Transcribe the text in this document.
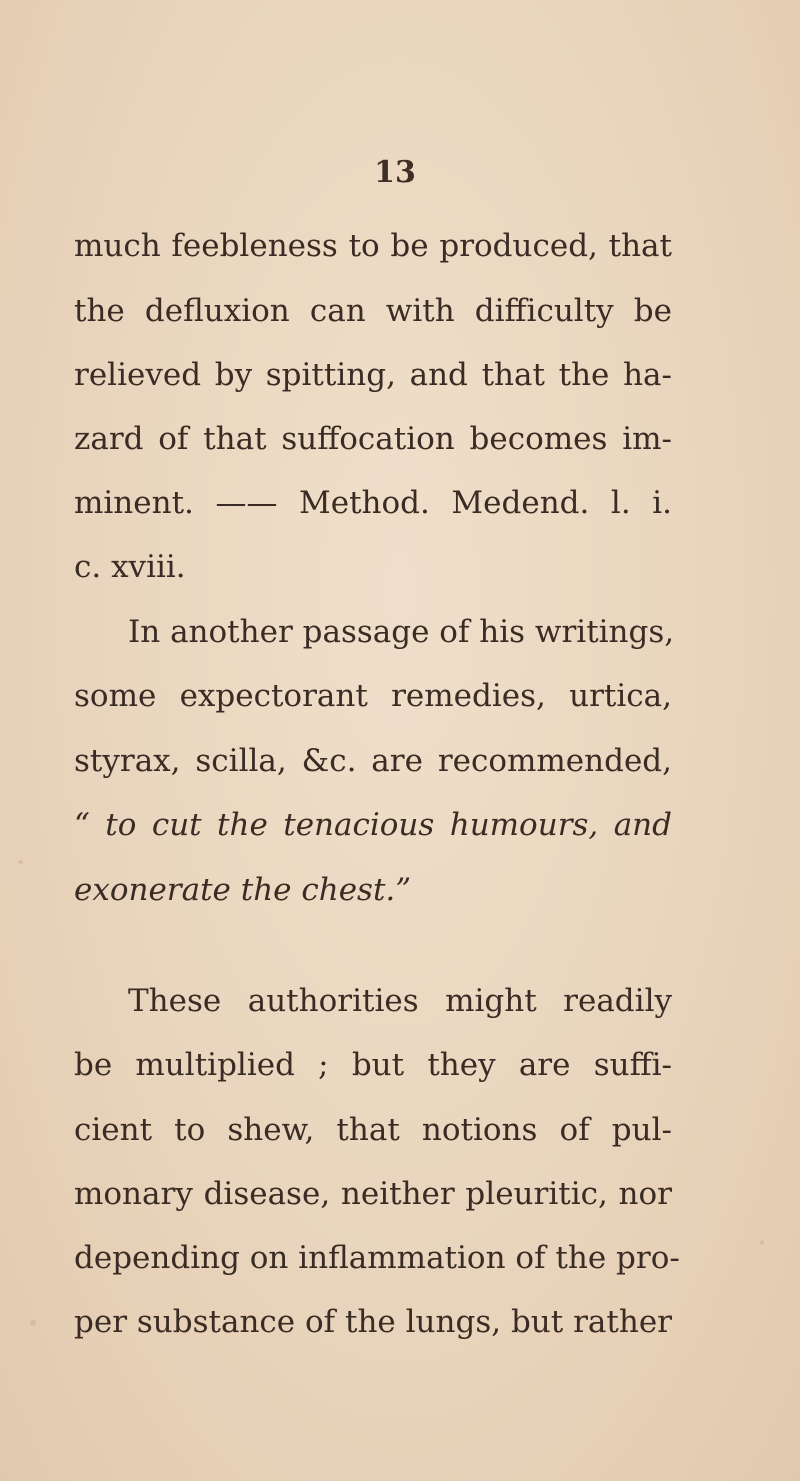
13
much feebleness to be produced, that
the defluxion can with difficulty be
relieved by spitting, and that the ha-
zard of that suffocation becomes im-
minent. —— Method. Medend. l. i.
c. xviii.
In another passage of his writings,
some expectorant remedies, urtica,
styrax, scilla, &c. are recommended,
“ to cut the tenacious humours, and
exonerate the chest.”
These authorities might readily
be multiplied ; but they are suffi-
cient to shew, that notions of pul-
monary disease, neither pleuritic, nor
depending on inflammation of the pro-
per substance of the lungs, but rather
